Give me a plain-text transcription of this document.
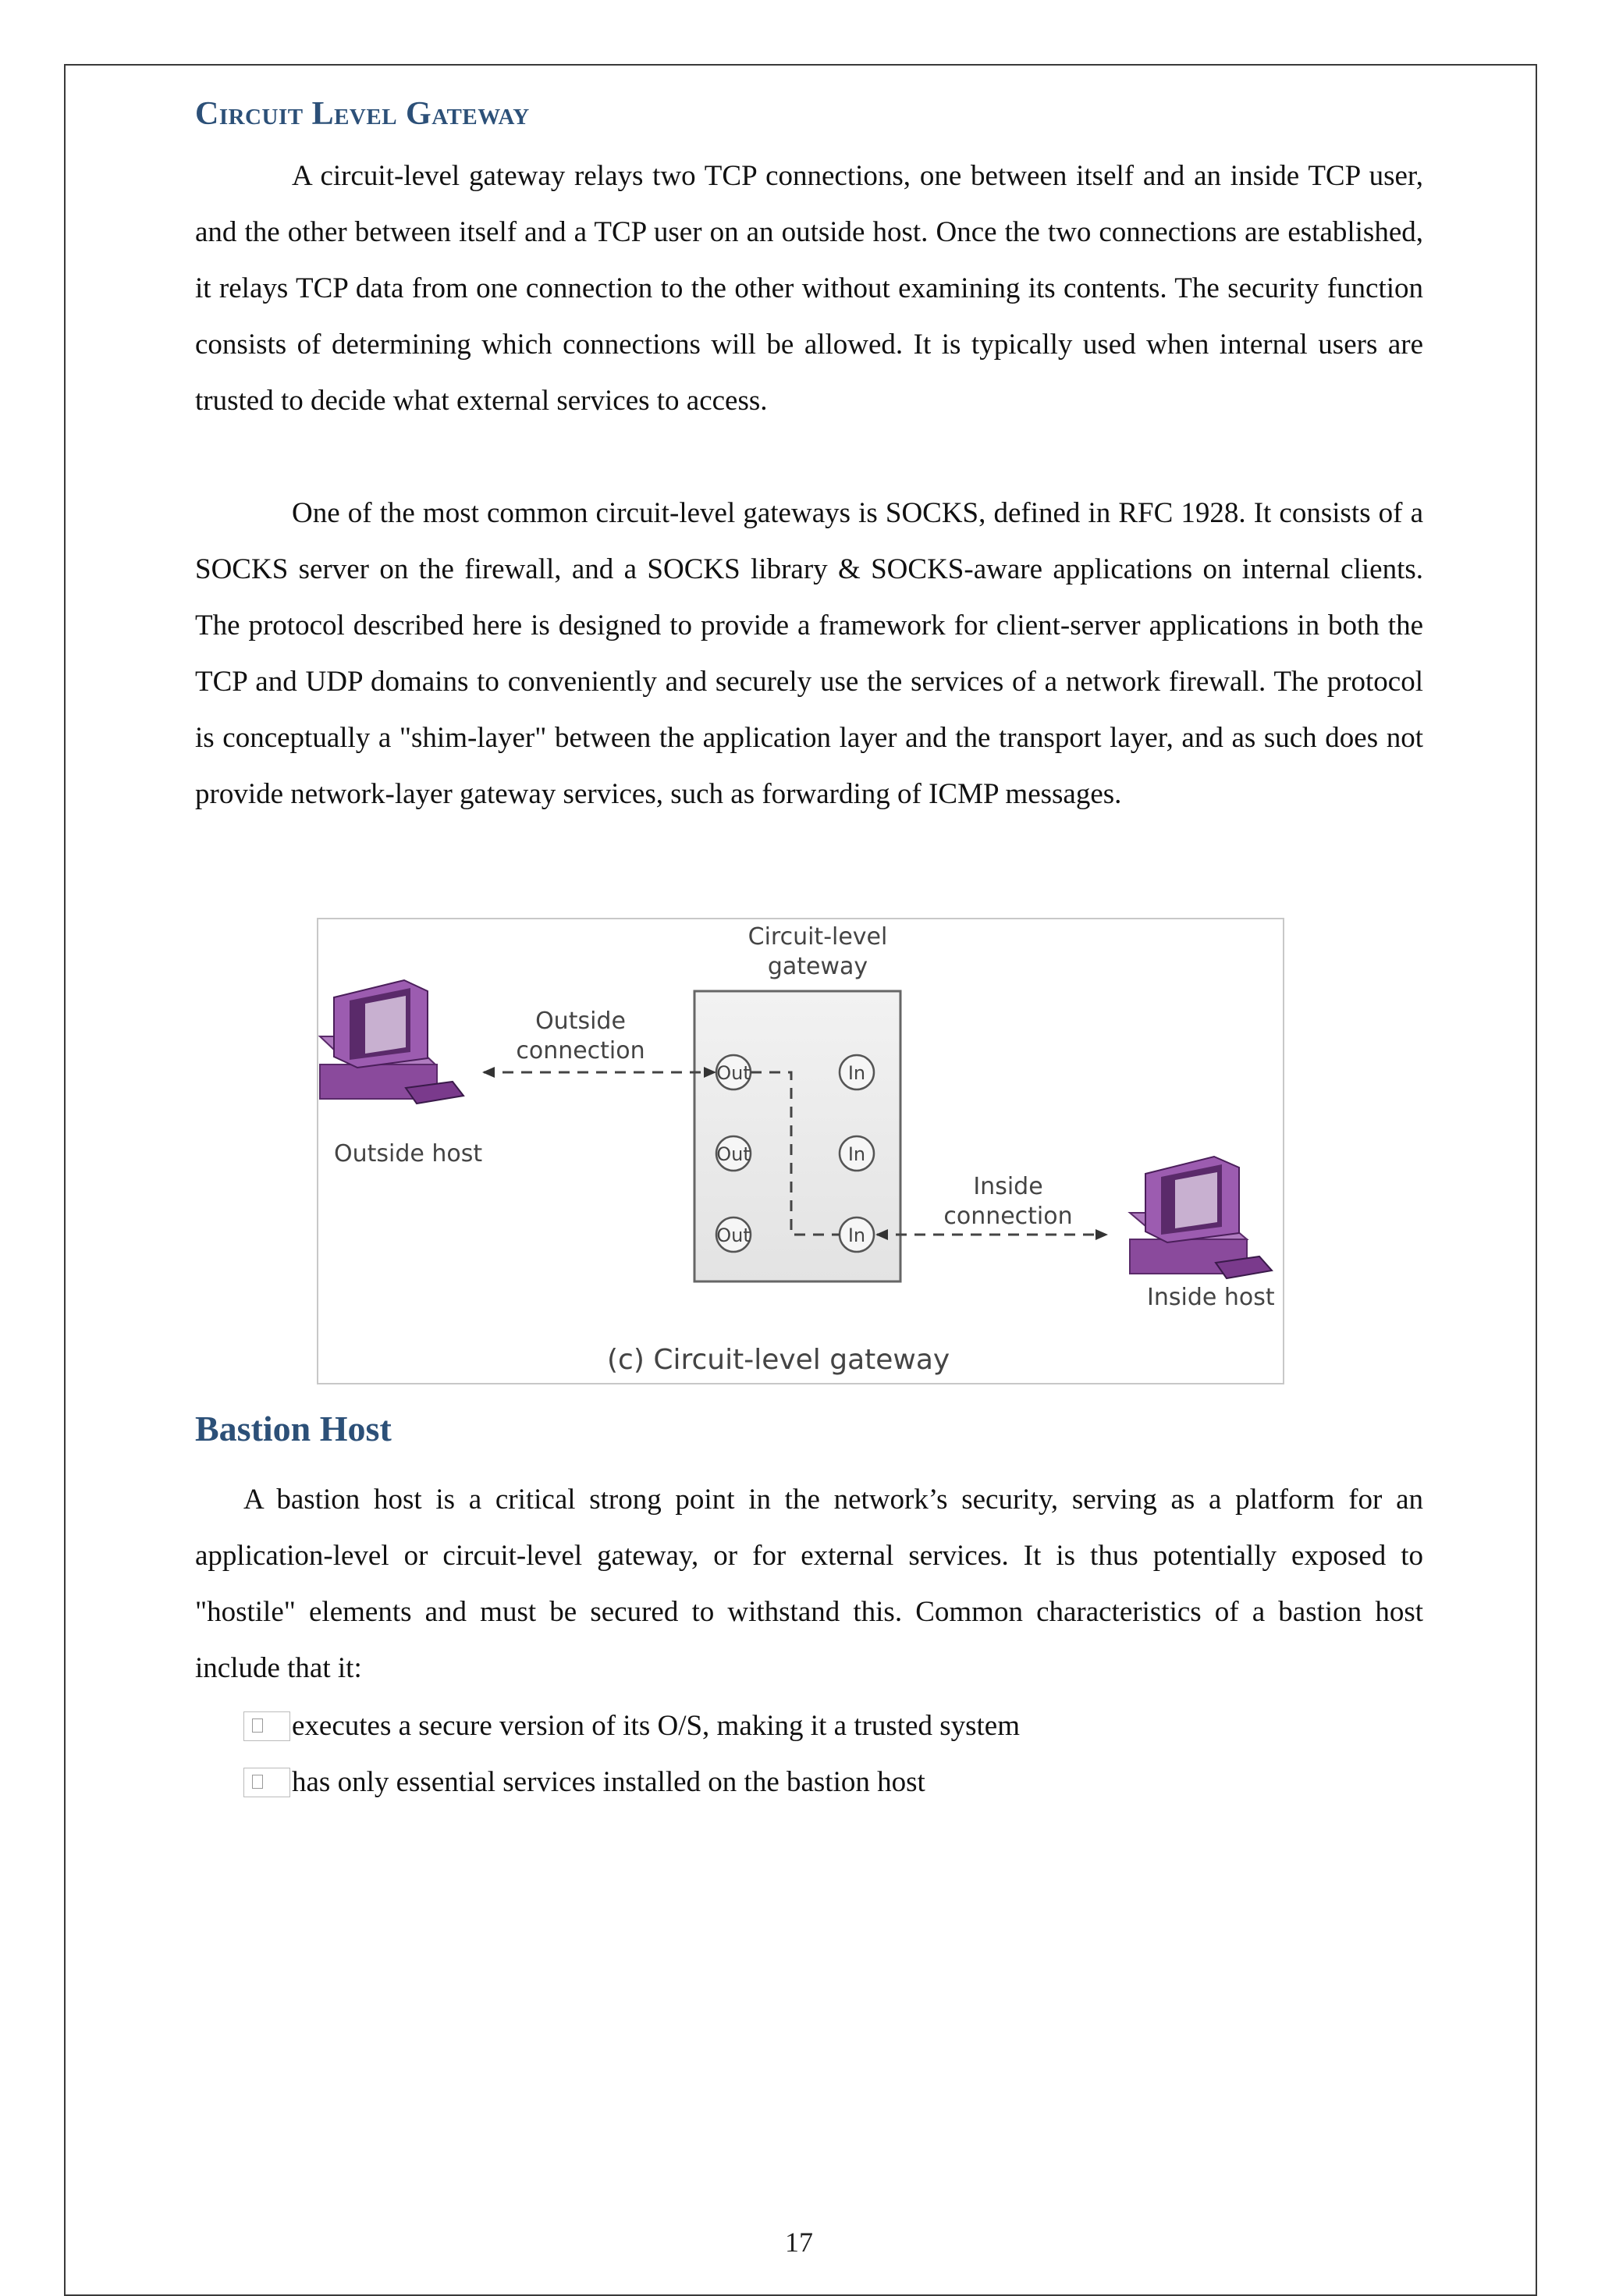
Circuit Level Gateway

A circuit-level gateway relays two TCP connections, one between itself and an inside TCP user, and the other between itself and a TCP user on an outside host. Once the two connections are established, it relays TCP data from one connection to the other without examining its contents. The security function consists of determining which connections will be allowed. It is typically used when internal users are trusted to decide what external services to access.

One of the most common circuit-level gateways is SOCKS, defined in RFC 1928. It consists of a SOCKS server on the firewall, and a SOCKS library & SOCKS-aware applications on internal clients. The protocol described here is designed to provide a framework for client-server applications in both the TCP and UDP domains to conveniently and securely use the services of a network firewall. The protocol is conceptually a "shim-layer" between the application layer and the transport layer, and as such does not provide network-layer gateway services, such as forwarding of ICMP messages.

Circuit-level
gateway
Out
Out
Out
In
In
In
Outside
connection
Inside
connection
Outside host
Inside host
(c) Circuit-level gateway
Bastion Host

A bastion host is a critical strong point in the network’s security, serving as a platform for an application-level or circuit-level gateway, or for external services. It is thus potentially exposed to "hostile" elements and must be secured to withstand this. Common characteristics of a bastion host include that it:

executes a secure version of its O/S, making it a trusted system
has only essential services installed on the bastion host
17
